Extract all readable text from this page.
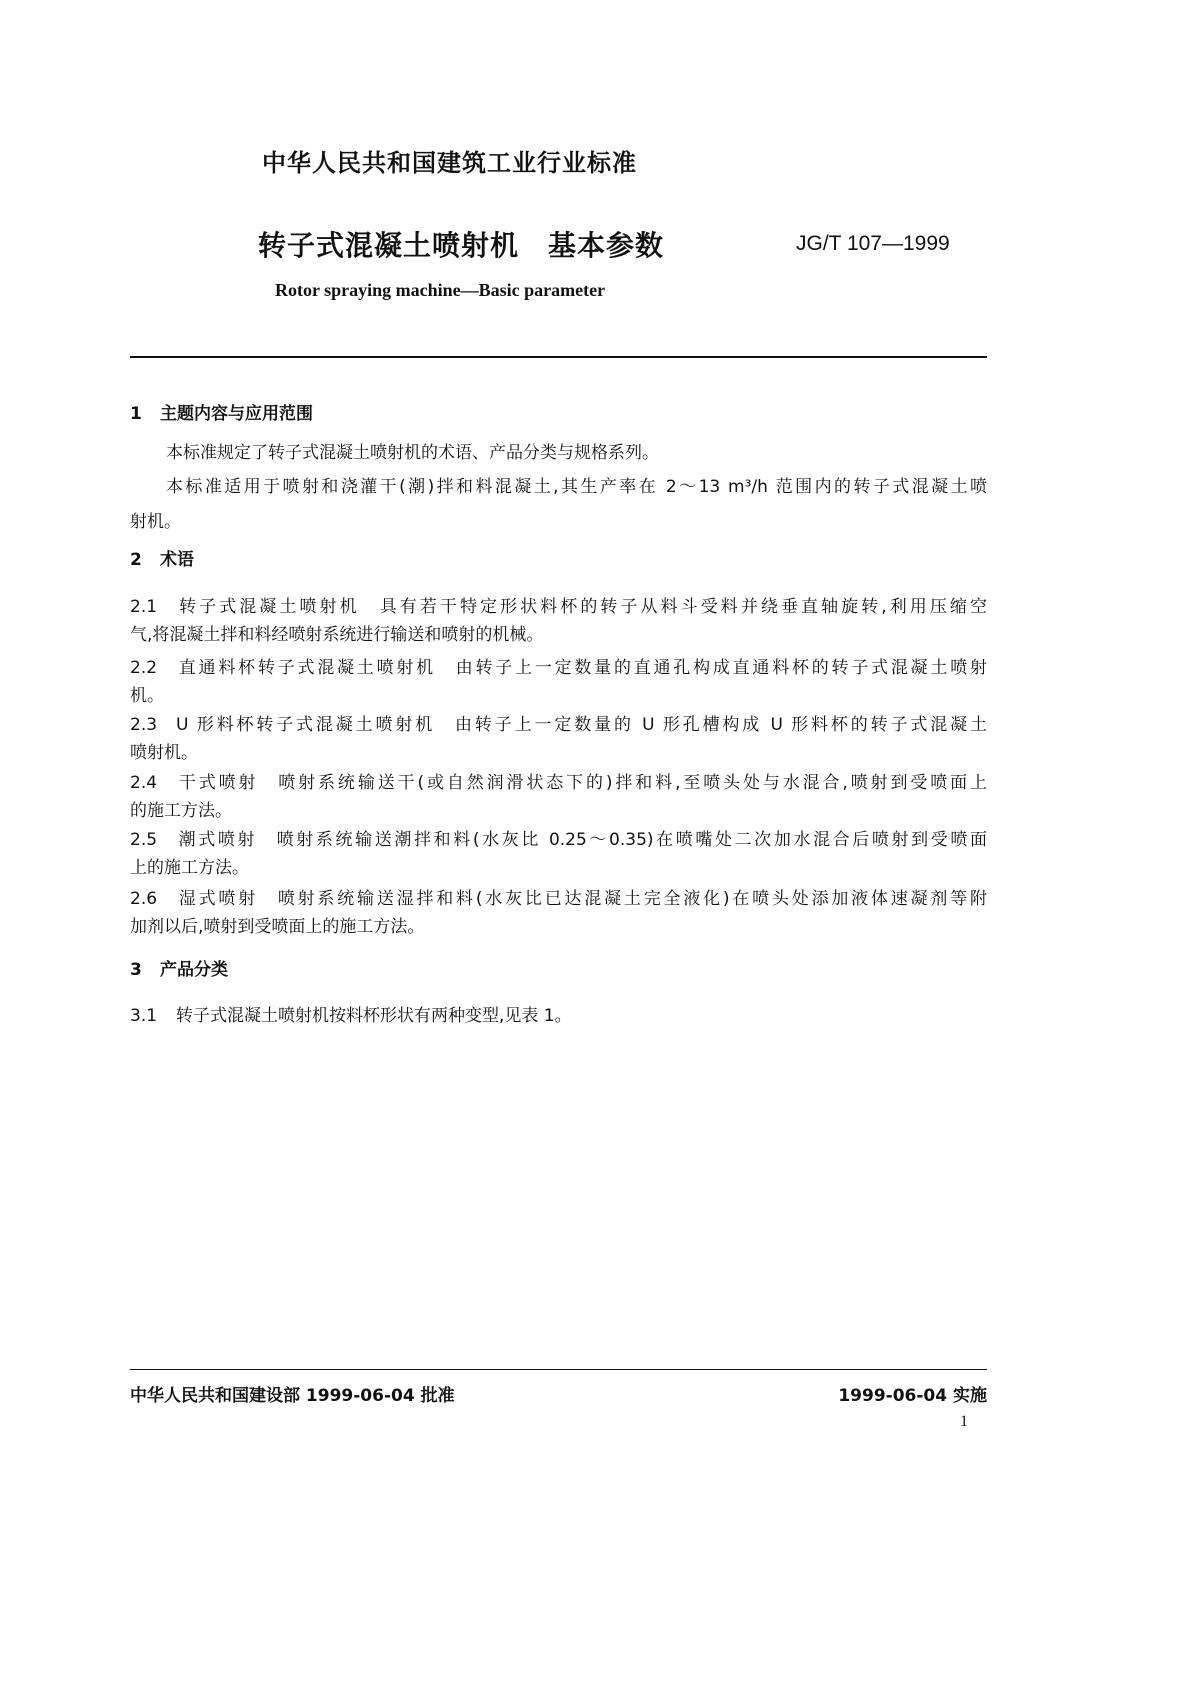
中华人民共和国建筑工业行业标准
转子式混凝土喷射机　基本参数	JG/T 107—1999
Rotor spraying machine—Basic parameter
1 主题内容与应用范围
本标准规定了转子式混凝土喷射机的术语、产品分类与规格系列。
本标准适用于喷射和浇灌干(潮)拌和料混凝土,其生产率在 2～13 m³/h 范围内的转子式混凝土喷
射机。
2 术语
2.1 转子式混凝土喷射机　具有若干特定形状料杯的转子从料斗受料并绕垂直轴旋转,利用压缩空
气,将混凝土拌和料经喷射系统进行输送和喷射的机械。
2.2 直通料杯转子式混凝土喷射机　由转子上一定数量的直通孔构成直通料杯的转子式混凝土喷射
机。
2.3 U 形料杯转子式混凝土喷射机　由转子上一定数量的 U 形孔槽构成 U 形料杯的转子式混凝土
喷射机。
2.4 干式喷射　喷射系统输送干(或自然润滑状态下的)拌和料,至喷头处与水混合,喷射到受喷面上
的施工方法。
2.5 潮式喷射　喷射系统输送潮拌和料(水灰比 0.25～0.35)在喷嘴处二次加水混合后喷射到受喷面
上的施工方法。
2.6 湿式喷射　喷射系统输送湿拌和料(水灰比已达混凝土完全液化)在喷头处添加液体速凝剂等附
加剂以后,喷射到受喷面上的施工方法。
3 产品分类
3.1 转子式混凝土喷射机按料杯形状有两种变型,见表 1。
中华人民共和国建设部 1999-06-04 批准	1999-06-04 实施
1
